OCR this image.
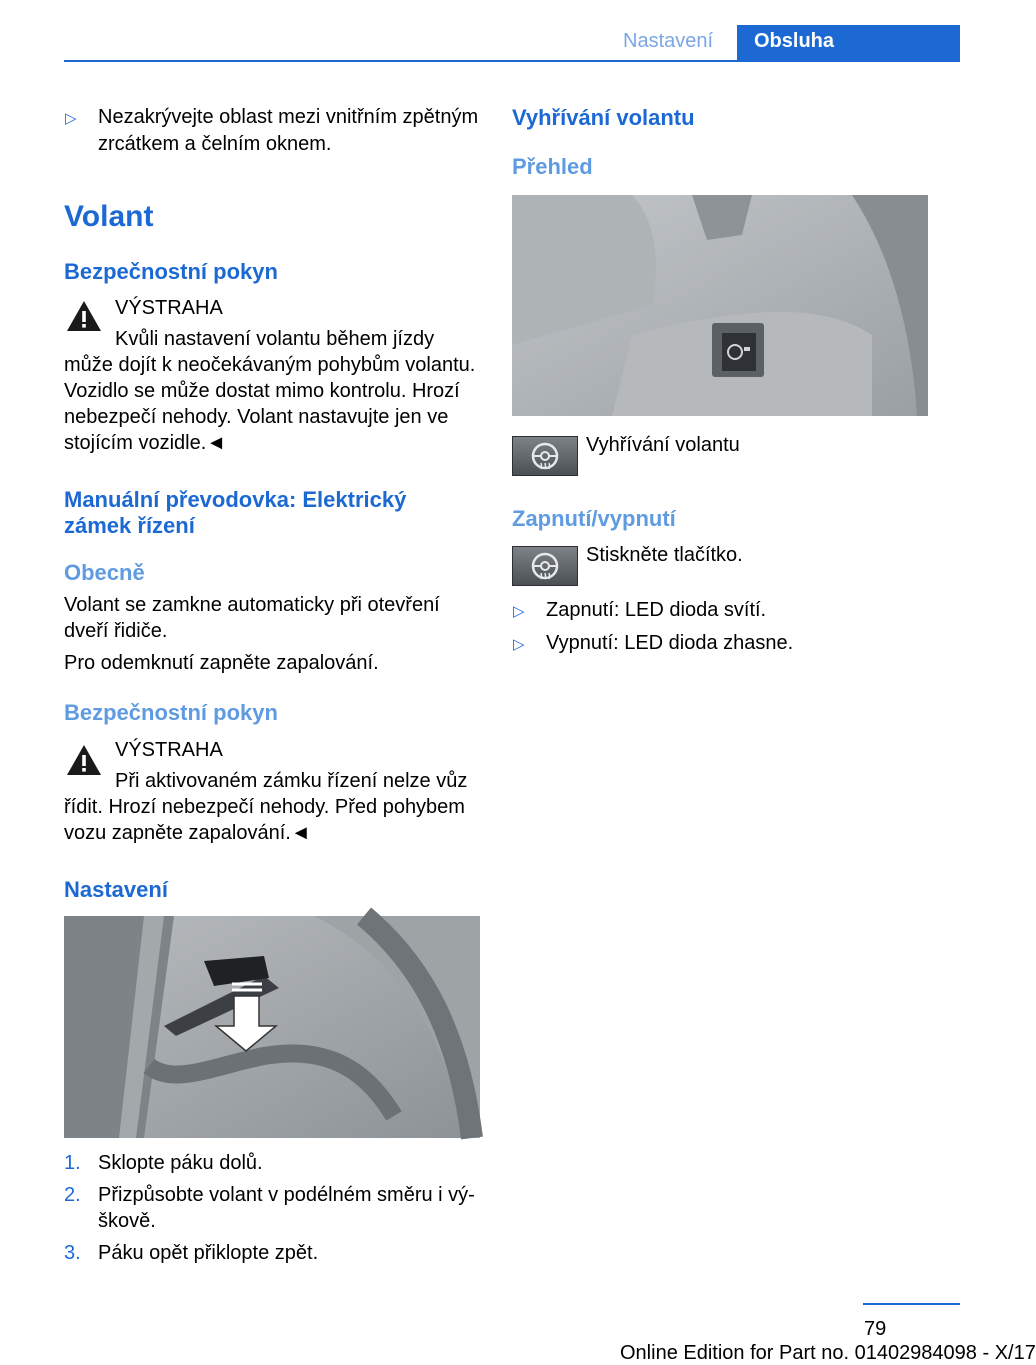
Nastavení	Obsluha
▷ Nezakrývejte oblast mezi vnitřním zpětným
zrcátkem a čelním oknem.
Volant
Bezpečnostní pokyn
VÝSTRAHA
Kvůli nastavení volantu během jízdy
může dojít k neočekávaným pohybům volantu.
Vozidlo se může dostat mimo kontrolu. Hrozí
nebezpečí nehody. Volant nastavujte jen ve
stojícím vozidle.◄
Manuální převodovka: Elektrický
zámek řízení
Obecně
Volant se zamkne automaticky při otevření
dveří řidiče.
Pro odemknutí zapněte zapalování.
Bezpečnostní pokyn
VÝSTRAHA
Při aktivovaném zámku řízení nelze vůz
řídit. Hrozí nebezpečí nehody. Před pohybem
vozu zapněte zapalování.◄
Nastavení
1. Sklopte páku dolů.
2. Přizpůsobte volant v podélném směru i vý‐
škově.
3. Páku opět přiklopte zpět.
Vyhřívání volantu
Přehled
Vyhřívání volantu
Zapnutí/vypnutí
Stiskněte tlačítko.
▷ Zapnutí: LED dioda svítí.
▷ Vypnutí: LED dioda zhasne.
79
Online Edition for Part no. 01402984098 - X/17
